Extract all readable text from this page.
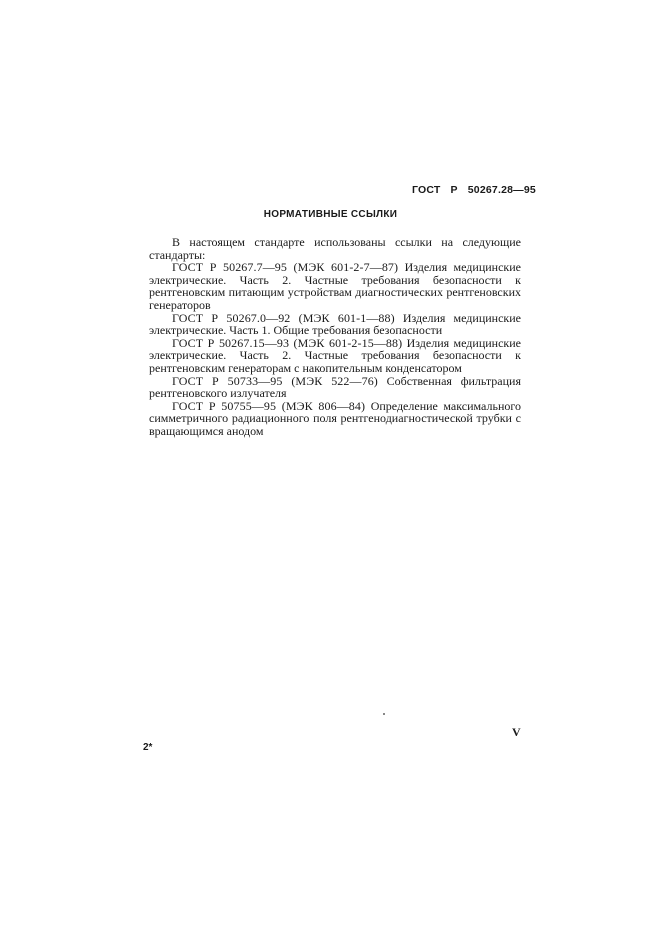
ГОСТ Р 50267.28—95
НОРМАТИВНЫЕ ССЫЛКИ

В настоящем стандарте использованы ссылки на следующие стандарты:

ГОСТ Р 50267.7—95 (МЭК 601-2-7—87) Изделия медицинские электрические. Часть 2. Частные требования безопасности к рентгеновским питающим устройствам диагностических рентгеновских генераторов

ГОСТ Р 50267.0—92 (МЭК 601-1—88) Изделия медицинские электрические. Часть 1. Общие требования безопасности

ГОСТ Р 50267.15—93 (МЭК 601-2-15—88) Изделия медицинские электрические. Часть 2. Частные требования безопасности к рентгеновским генераторам с накопительным конденсатором

ГОСТ Р 50733—95 (МЭК 522—76) Собственная фильтрация рентгеновского излучателя

ГОСТ Р 50755—95 (МЭК 806—84) Определение максимального симметричного радиационного поля рентгенодиагностической трубки с вращающимся анодом

V
2*
